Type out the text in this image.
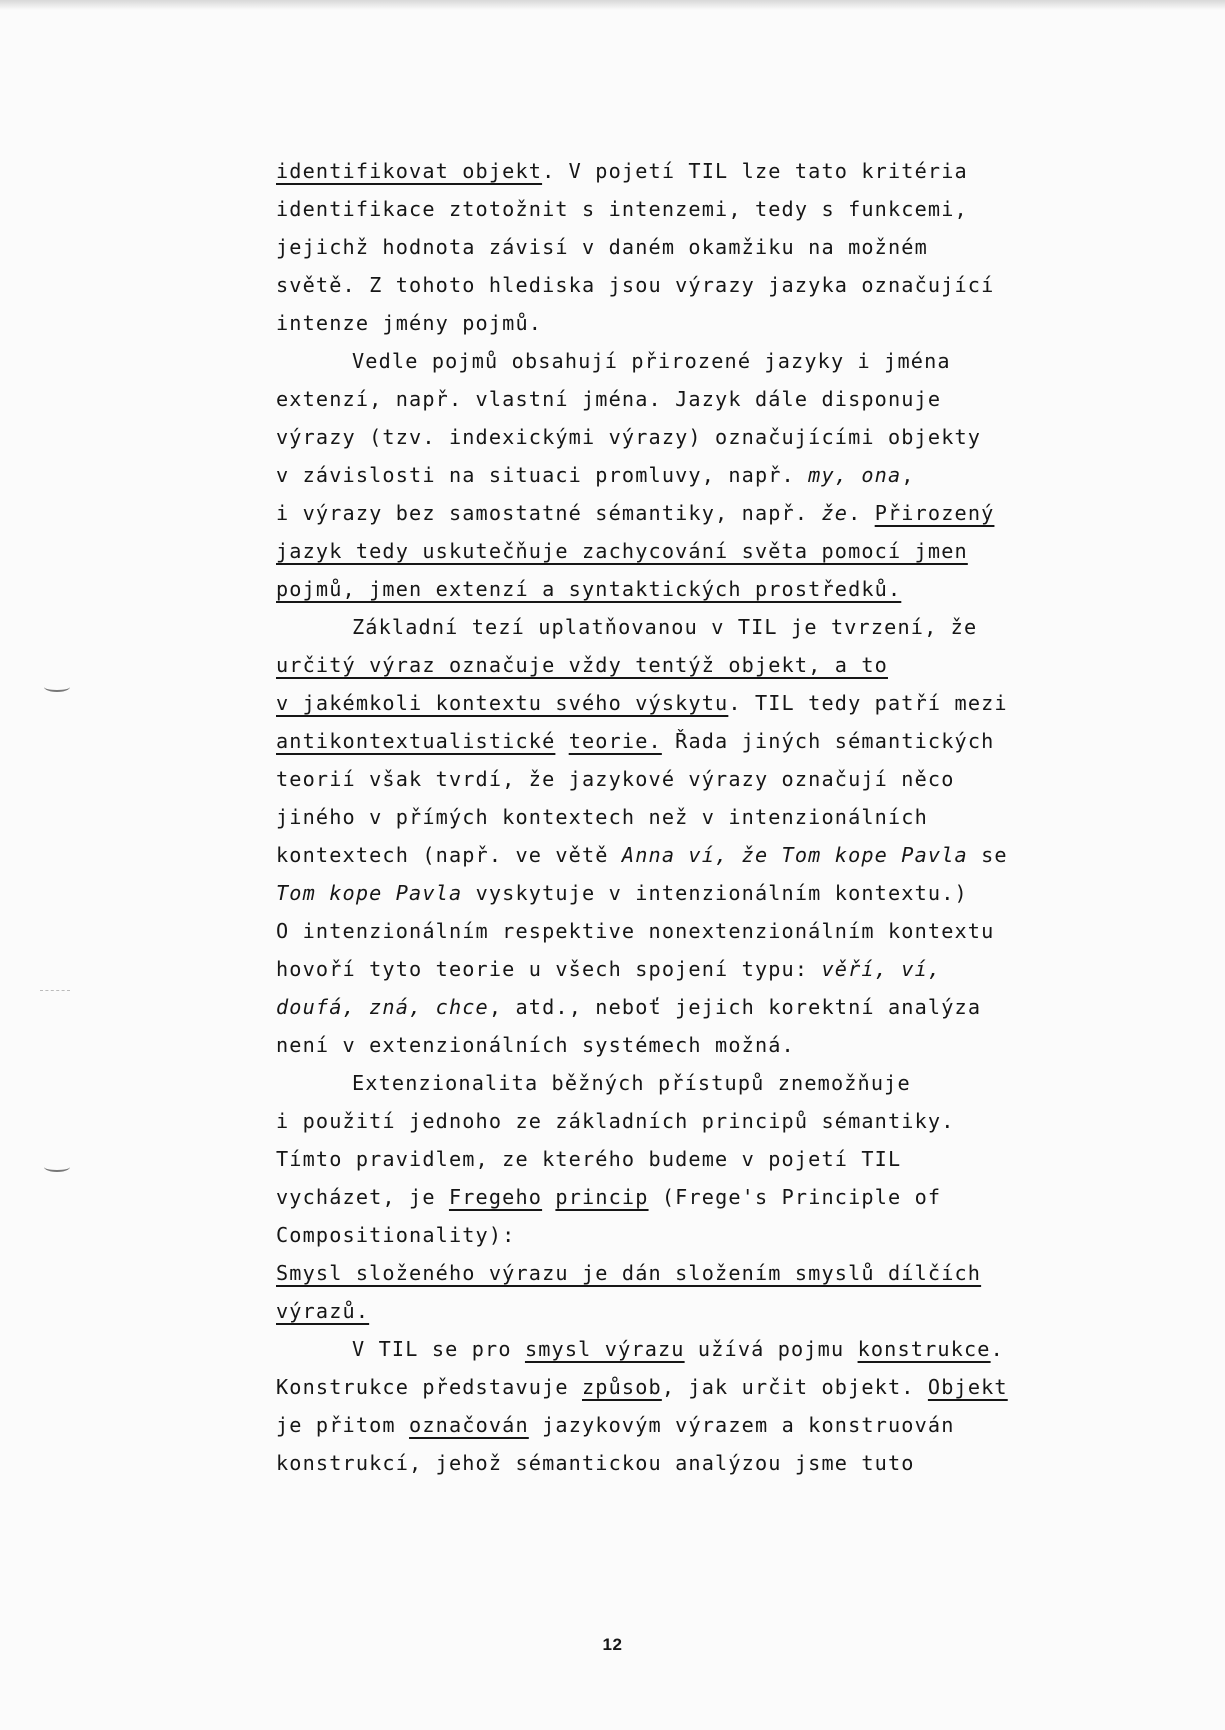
identifikovat objekt. V pojetí TIL lze tato kritéria
identifikace ztotožnit s intenzemi, tedy s funkcemi,
jejichž hodnota závisí v daném okamžiku na možném
světě. Z tohoto hlediska jsou výrazy jazyka označující
intenze jmény pojmů.
Vedle pojmů obsahují přirozené jazyky i jména
extenzí, např. vlastní jména. Jazyk dále disponuje
výrazy (tzv. indexickými výrazy) označujícími objekty
v závislosti na situaci promluvy, např. my, ona,
i výrazy bez samostatné sémantiky, např. že. Přirozený
jazyk tedy uskutečňuje zachycování světa pomocí jmen
pojmů, jmen extenzí a syntaktických prostředků.
Základní tezí uplatňovanou v TIL je tvrzení, že
určitý výraz označuje vždy tentýž objekt, a to
v jakémkoli kontextu svého výskytu. TIL tedy patří mezi
antikontextualistické teorie. Řada jiných sémantických
teorií však tvrdí, že jazykové výrazy označují něco
jiného v přímých kontextech než v intenzionálních
kontextech (např. ve větě Anna ví, že Tom kope Pavla se
Tom kope Pavla vyskytuje v intenzionálním kontextu.)
O intenzionálním respektive nonextenzionálním kontextu
hovoří tyto teorie u všech spojení typu: věří, ví,
doufá, zná, chce, atd., neboť jejich korektní analýza
není v extenzionálních systémech možná.
Extenzionalita běžných přístupů znemožňuje
i použití jednoho ze základních principů sémantiky.
Tímto pravidlem, ze kterého budeme v pojetí TIL
vycházet, je Fregeho princip (Frege's Principle of
Compositionality):
Smysl složeného výrazu je dán složením smyslů dílčích
výrazů.
V TIL se pro smysl výrazu užívá pojmu konstrukce.
Konstrukce představuje způsob, jak určit objekt. Objekt
je přitom označován jazykovým výrazem a konstruován
konstrukcí, jehož sémantickou analýzou jsme tuto
12
